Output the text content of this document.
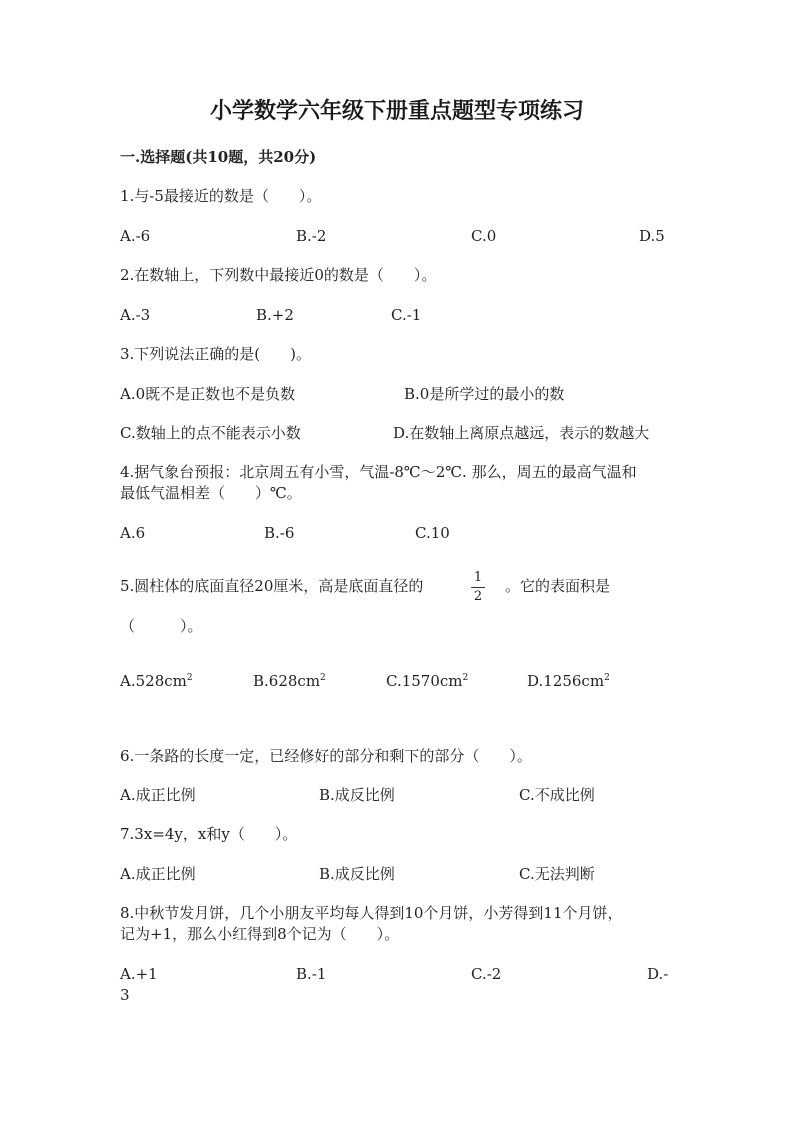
小学数学六年级下册重点题型专项练习
一.选择题(共10题，共20分)
1.与-5最接近的数是（　　）。
A.-6	B.-2	C.0	D.5
2.在数轴上，下列数中最接近0的数是（　　）。
A.-3	B.+2	C.-1
3.下列说法正确的是(　　)。
A.0既不是正数也不是负数	B.0是所学过的最小的数
C.数轴上的点不能表示小数	D.在数轴上离原点越远，表示的数越大
4.据气象台预报：北京周五有小雪，气温-8℃～2℃. 那么，周五的最高气温和
最低气温相差（　　）℃。
A.6	B.-6	C.10
5.圆柱体的底面直径20厘米，高是底面直径的	1
2
。它的表面积是
（　　　）。
$A.528cm^2$	$B.628cm^2$	$C.1570cm^2$	$D.1256cm^2$
6.一条路的长度一定，已经修好的部分和剩下的部分（　　）。
A.成正比例	B.成反比例	C.不成比例
7.3x=4y，x和y（　　）。
A.成正比例	B.成反比例	C.无法判断
8.中秋节发月饼，几个小朋友平均每人得到10个月饼，小芳得到11个月饼，
记为+1，那么小红得到8个记为（　　）。
A.+1	B.-1	C.-2	D.-
3
